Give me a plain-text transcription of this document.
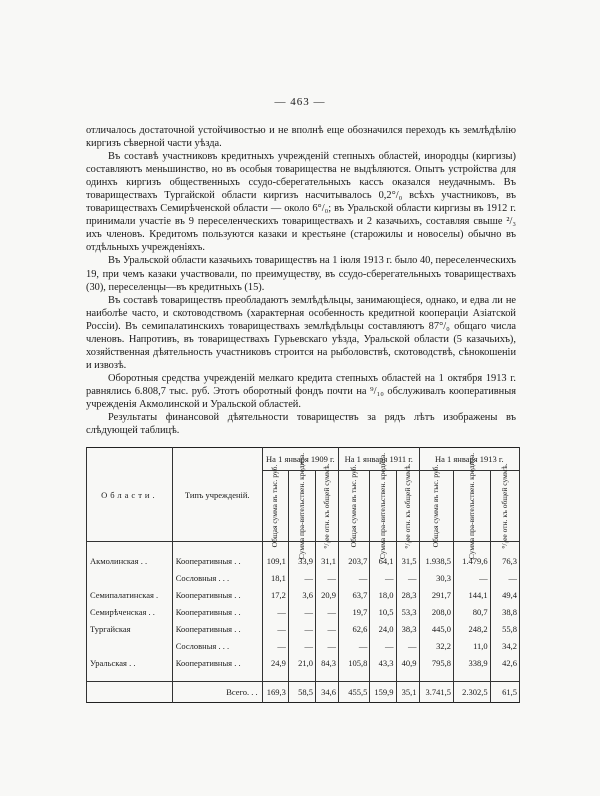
— 463 —

отличалось достаточной устойчивостью и не вполнѣ еще обозначился переходъ къ землѣдѣлію киргизъ сѣверной части уѣзда.

Въ составѣ участниковъ кредитныхъ учрежденій степныхъ областей, инородцы (киргизы) составляютъ меньшинство, но въ особыя товарищества не выдѣляются. Опытъ устройства для одинхъ киргизъ общественныхъ ссудо-сберегательныхъ кассъ оказался неудачнымъ. Въ товариществахъ Тургайской области киргизъ насчитывалось 0,2°/₀ всѣхъ участниковъ, въ товариществахъ Семирѣченской области — около 6°/₀; въ Уральской области киргизы въ 1912 г. принимали участіе въ 9 переселенческихъ товариществахъ и 2 казачьихъ, составляя свыше ²/₃ ихъ членовъ. Кредитомъ пользуются казаки и крестьяне (старожилы и новоселы) обычно въ отдѣльныхъ учрежденіяхъ.

Въ Уральской области казачьихъ товариществъ на 1 іюля 1913 г. было 40, переселенческихъ 19, при чемъ казаки участвовали, по преимуществу, въ ссудо-сберегательныхъ товариществахъ (30), переселенцы—въ кредитныхъ (15).

Въ составѣ товариществъ преобладаютъ землѣдѣльцы, занимающіеся, однако, и едва ли не наиболѣе часто, и скотоводствомъ (характерная особенность кредитной кооперацiи Азіатской Россіи). Въ семипалатинскихъ товариществахъ землѣдѣльцы составляютъ 87°/₀ общаго числа членовъ. Напротивъ, въ товариществахъ Гурьевскаго уѣзда, Уральской области (5 казачьихъ), хозяйственная дѣятельность участниковъ строится на рыболовствѣ, скотоводствѣ, сѣнокошеніи и извозѣ.

Оборотныя средства учрежденій мелкаго кредита степныхъ областей на 1 октября 1913 г. равнялись 6.808,7 тыс. руб. Этотъ оборотный фондъ почти на ⁹/₁₀ обслуживалъ кооперативныя учрежденія Акмолинской и Уральской областей.

Результаты финансовой дѣятельности товариществъ за рядъ лѣтъ изображены въ слѣдующей таблицѣ.

Области.	Типъ учрежденій.	На 1 января 1909 г.			На 1 января 1911 г.			На 1 января 1913 г.		

		Общая сумма въ тыс. руб.	Сумма пра-вительствен. кредита.	°/₀ее отн. къ общей суммѣ.	Общая сумма въ тыс. руб.	Сумма пра-вительствен. кредита.	°/₀ее отн. къ общей суммѣ.	Общая сумма въ тыс. руб.	Сумма пра-вительствен. кредита.	°/₀ее отн. къ общей суммѣ.

Акмолинская . .	Кооперативныя . .	109,1	33,9	31,1	203,7	64,1	31,5	1.938,5	1.479,6	76,3
	Сословныя . . .	18,1	—	—	—	—	—	30,3	—	—
Семипалатинская .	Кооперативныя . .	17,2	3,6	20,9	63,7	18,0	28,3	291,7	144,1	49,4
Семирѣченская . .	Кооперативныя . .	—	—	—	19,7	10,5	53,3	208,0	80,7	38,8
Тургайская	Кооперативныя . .	—	—	—	62,6	24,0	38,3	445,0	248,2	55,8
	Сословныя . . .	—	—	—	—	—	—	32,2	11,0	34,2
Уральская . .	Кооперативныя . .	24,9	21,0	84,3	105,8	43,3	40,9	795,8	338,9	42,6

	Всего. . .	169,3	58,5	34,6	455,5	159,9	35,1	3.741,5	2.302,5	61,5
